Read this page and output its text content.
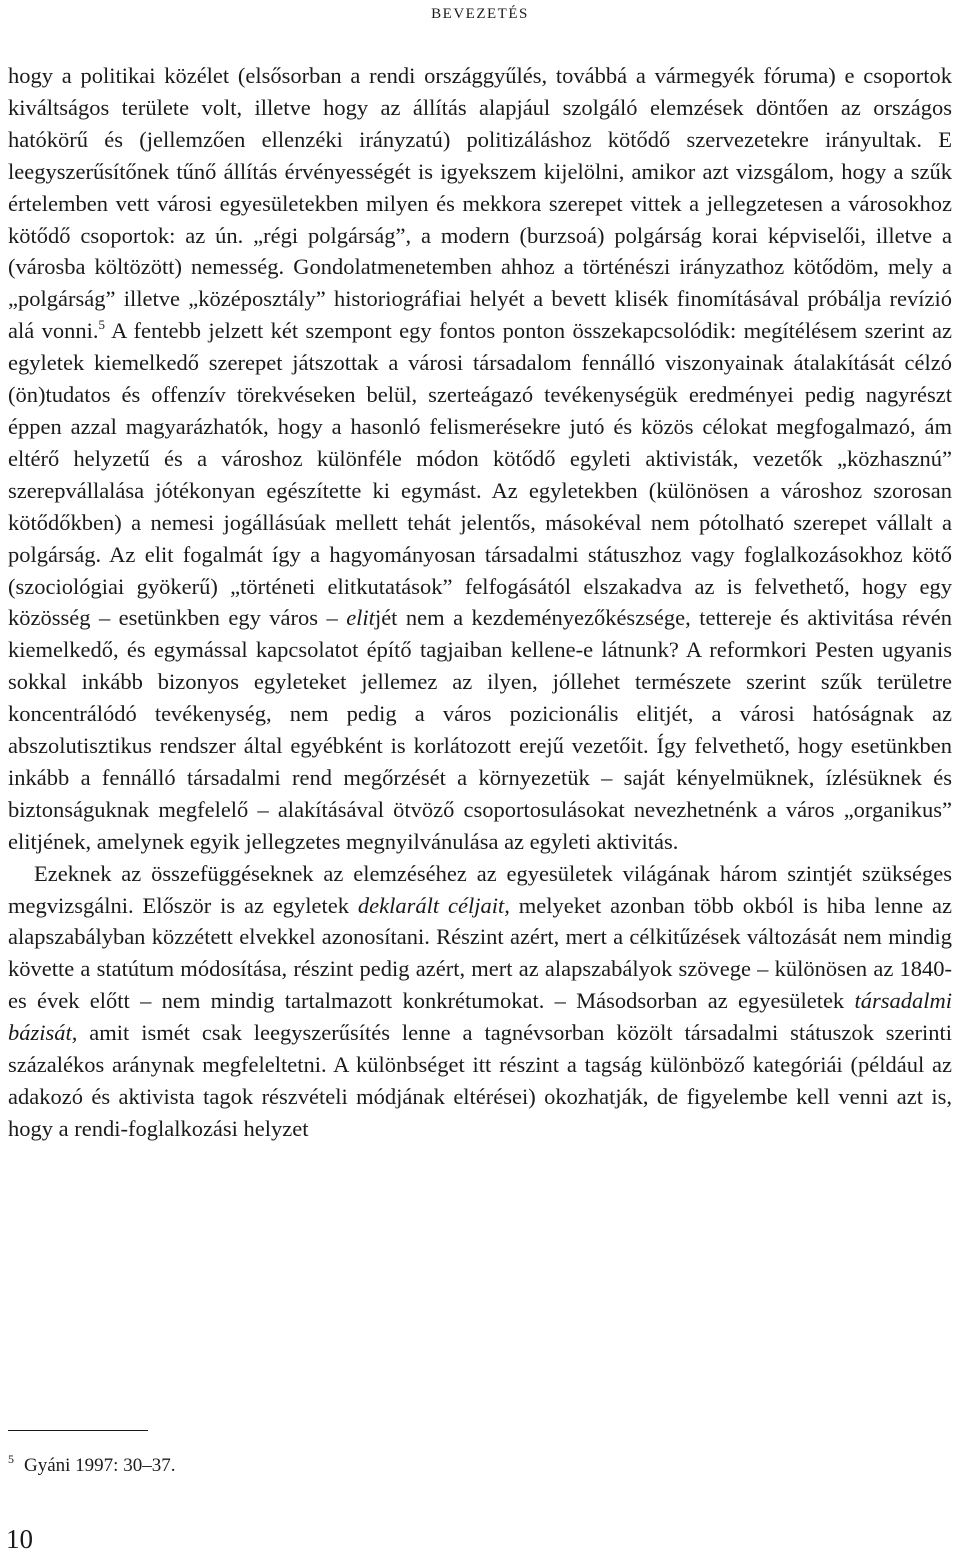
BEVEZETÉS

hogy a politikai közélet (elsősorban a rendi országgyűlés, továbbá a vármegyék fóruma) e csoportok kiváltságos területe volt, illetve hogy az állítás alapjául szolgáló elemzések döntően az országos hatókörű és (jellemzően ellenzéki irányzatú) politizáláshoz kötődő szervezetekre irányultak. E leegyszerűsítőnek tűnő állítás érvényességét is igyekszem kijelölni, amikor azt vizsgálom, hogy a szűk értelemben vett városi egyesületekben milyen és mekkora szerepet vittek a jellegzetesen a városokhoz kötődő csoportok: az ún. „régi polgárság”, a modern (burzsoá) polgárság korai képviselői, illetve a (városba költözött) nemesség. Gondolatmenetemben ahhoz a történészi irányzathoz kötődöm, mely a „polgárság” illetve „középosztály” historiográfiai helyét a bevett klisék finomításával próbálja revízió alá vonni.$^5$ A fentebb jelzett két szempont egy fontos ponton összekapcsolódik: megítélésem szerint az egyletek kiemelkedő szerepet játszottak a városi társadalom fennálló viszonyainak átalakítását célzó (ön)tudatos és offenzív törekvéseken belül, szerteágazó tevékenységük eredményei pedig nagyrészt éppen azzal magyarázhatók, hogy a hasonló felismerésekre jutó és közös célokat megfogalmazó, ám eltérő helyzetű és a városhoz különféle módon kötődő egyleti aktivisták, vezetők „közhasznú” szerepvállalása jótékonyan egészítette ki egymást. Az egyletekben (különösen a városhoz szorosan kötődőkben) a nemesi jogállásúak mellett tehát jelentős, másokéval nem pótolható szerepet vállalt a polgárság. Az elit fogalmát így a hagyományosan társadalmi státuszhoz vagy foglalkozásokhoz kötő (szociológiai gyökerű) „történeti elitkutatások” felfogásától elszakadva az is felvethető, hogy egy közösség – esetünkben egy város – elitjét nem a kezdeményezőkészsége, tettereje és aktivitása révén kiemelkedő, és egymással kapcsolatot építő tagjaiban kellene-e látnunk? A reformkori Pesten ugyanis sokkal inkább bizonyos egyleteket jellemez az ilyen, jóllehet természete szerint szűk területre koncentrálódó tevékenység, nem pedig a város pozicionális elitjét, a városi hatóságnak az abszolutisztikus rendszer által egyébként is korlátozott erejű vezetőit. Így felvethető, hogy esetünkben inkább a fennálló társadalmi rend megőrzését a környezetük – saját kényelmüknek, ízlésüknek és biztonságuknak megfelelő – alakításával ötvöző csoportosulásokat nevezhetnénk a város „organikus” elitjének, amelynek egyik jellegzetes megnyilvánulása az egyleti aktivitás.

Ezeknek az összefüggéseknek az elemzéséhez az egyesületek világának három szintjét szükséges megvizsgálni. Először is az egyletek deklarált céljait, melyeket azonban több okból is hiba lenne az alapszabályban közzétett elvekkel azonosítani. Részint azért, mert a célkitűzések változását nem mindig követte a statútum módosítása, részint pedig azért, mert az alapszabályok szövege – különösen az 1840-es évek előtt – nem mindig tartalmazott konkrétumokat. – Másodsorban az egyesületek társadalmi bázisát, amit ismét csak leegyszerűsítés lenne a tagnévsorban közölt társadalmi státuszok szerinti százalékos aránynak megfeleltetni. A különbséget itt részint a tagság különböző kategóriái (például az adakozó és aktivista tagok részvételi módjának eltérései) okozhatják, de figyelembe kell venni azt is, hogy a rendi-foglalkozási helyzet

$^5$ Gyáni 1997: 30–37.
10
